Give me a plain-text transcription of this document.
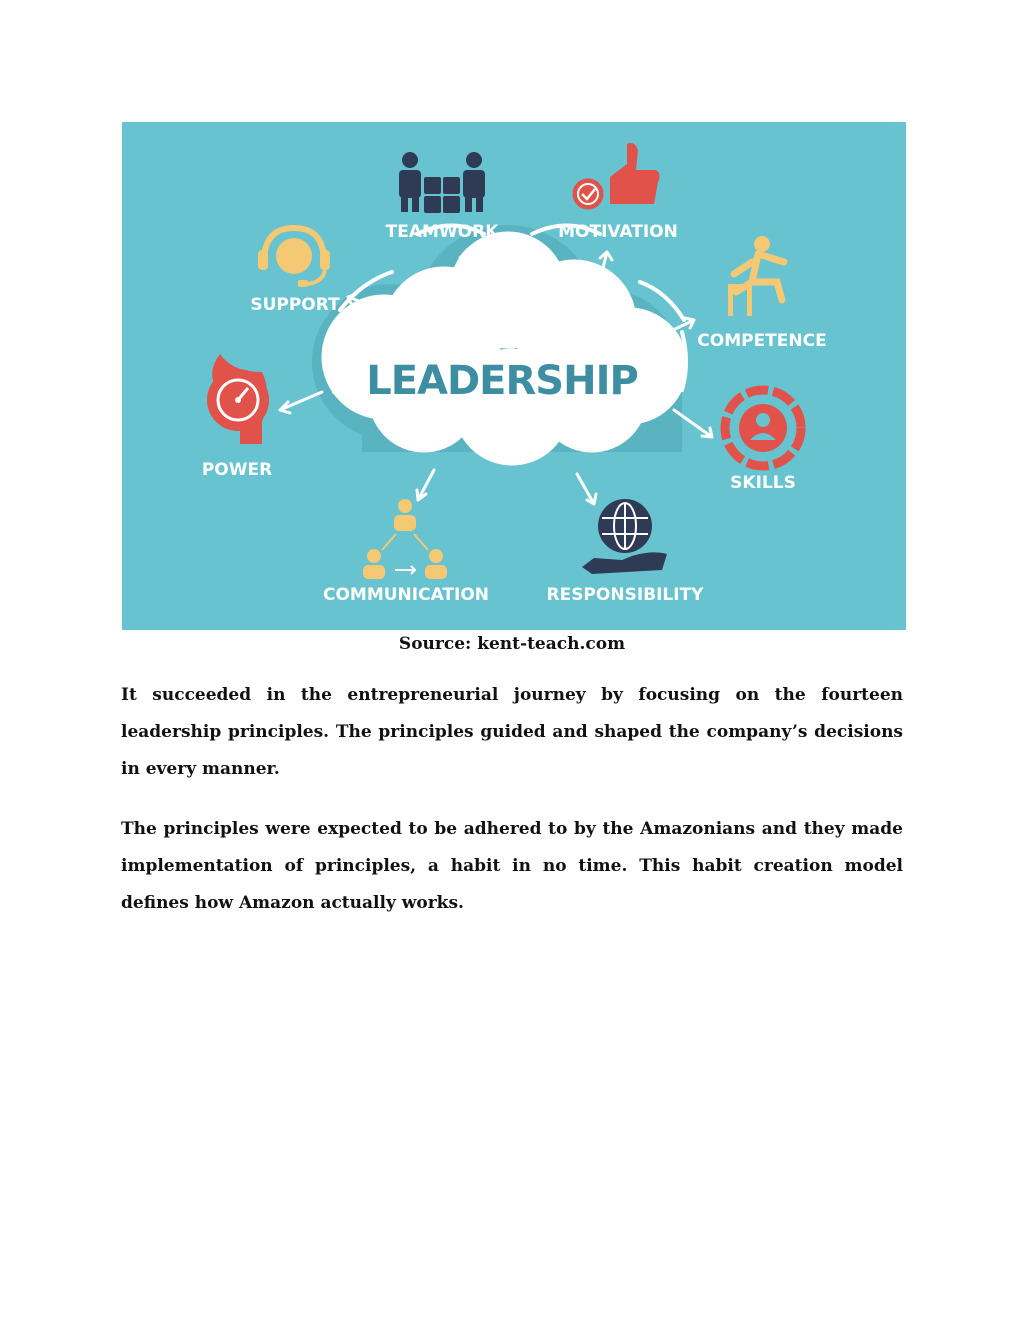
LEADERSHIP
TEAMWORK	MOTIVATION
SUPPORT
COMPETENCE
POWER
SKILLS
COMMUNICATION	RESPONSIBILITY
Source: kent-teach.com

It succeeded in the entrepreneurial journey by focusing on the fourteen leadership principles. The principles guided and shaped the company’s decisions in every manner.

The principles were expected to be adhered to by the Amazonians and they made implementation of principles, a habit in no time. This habit creation model defines how Amazon actually works.
